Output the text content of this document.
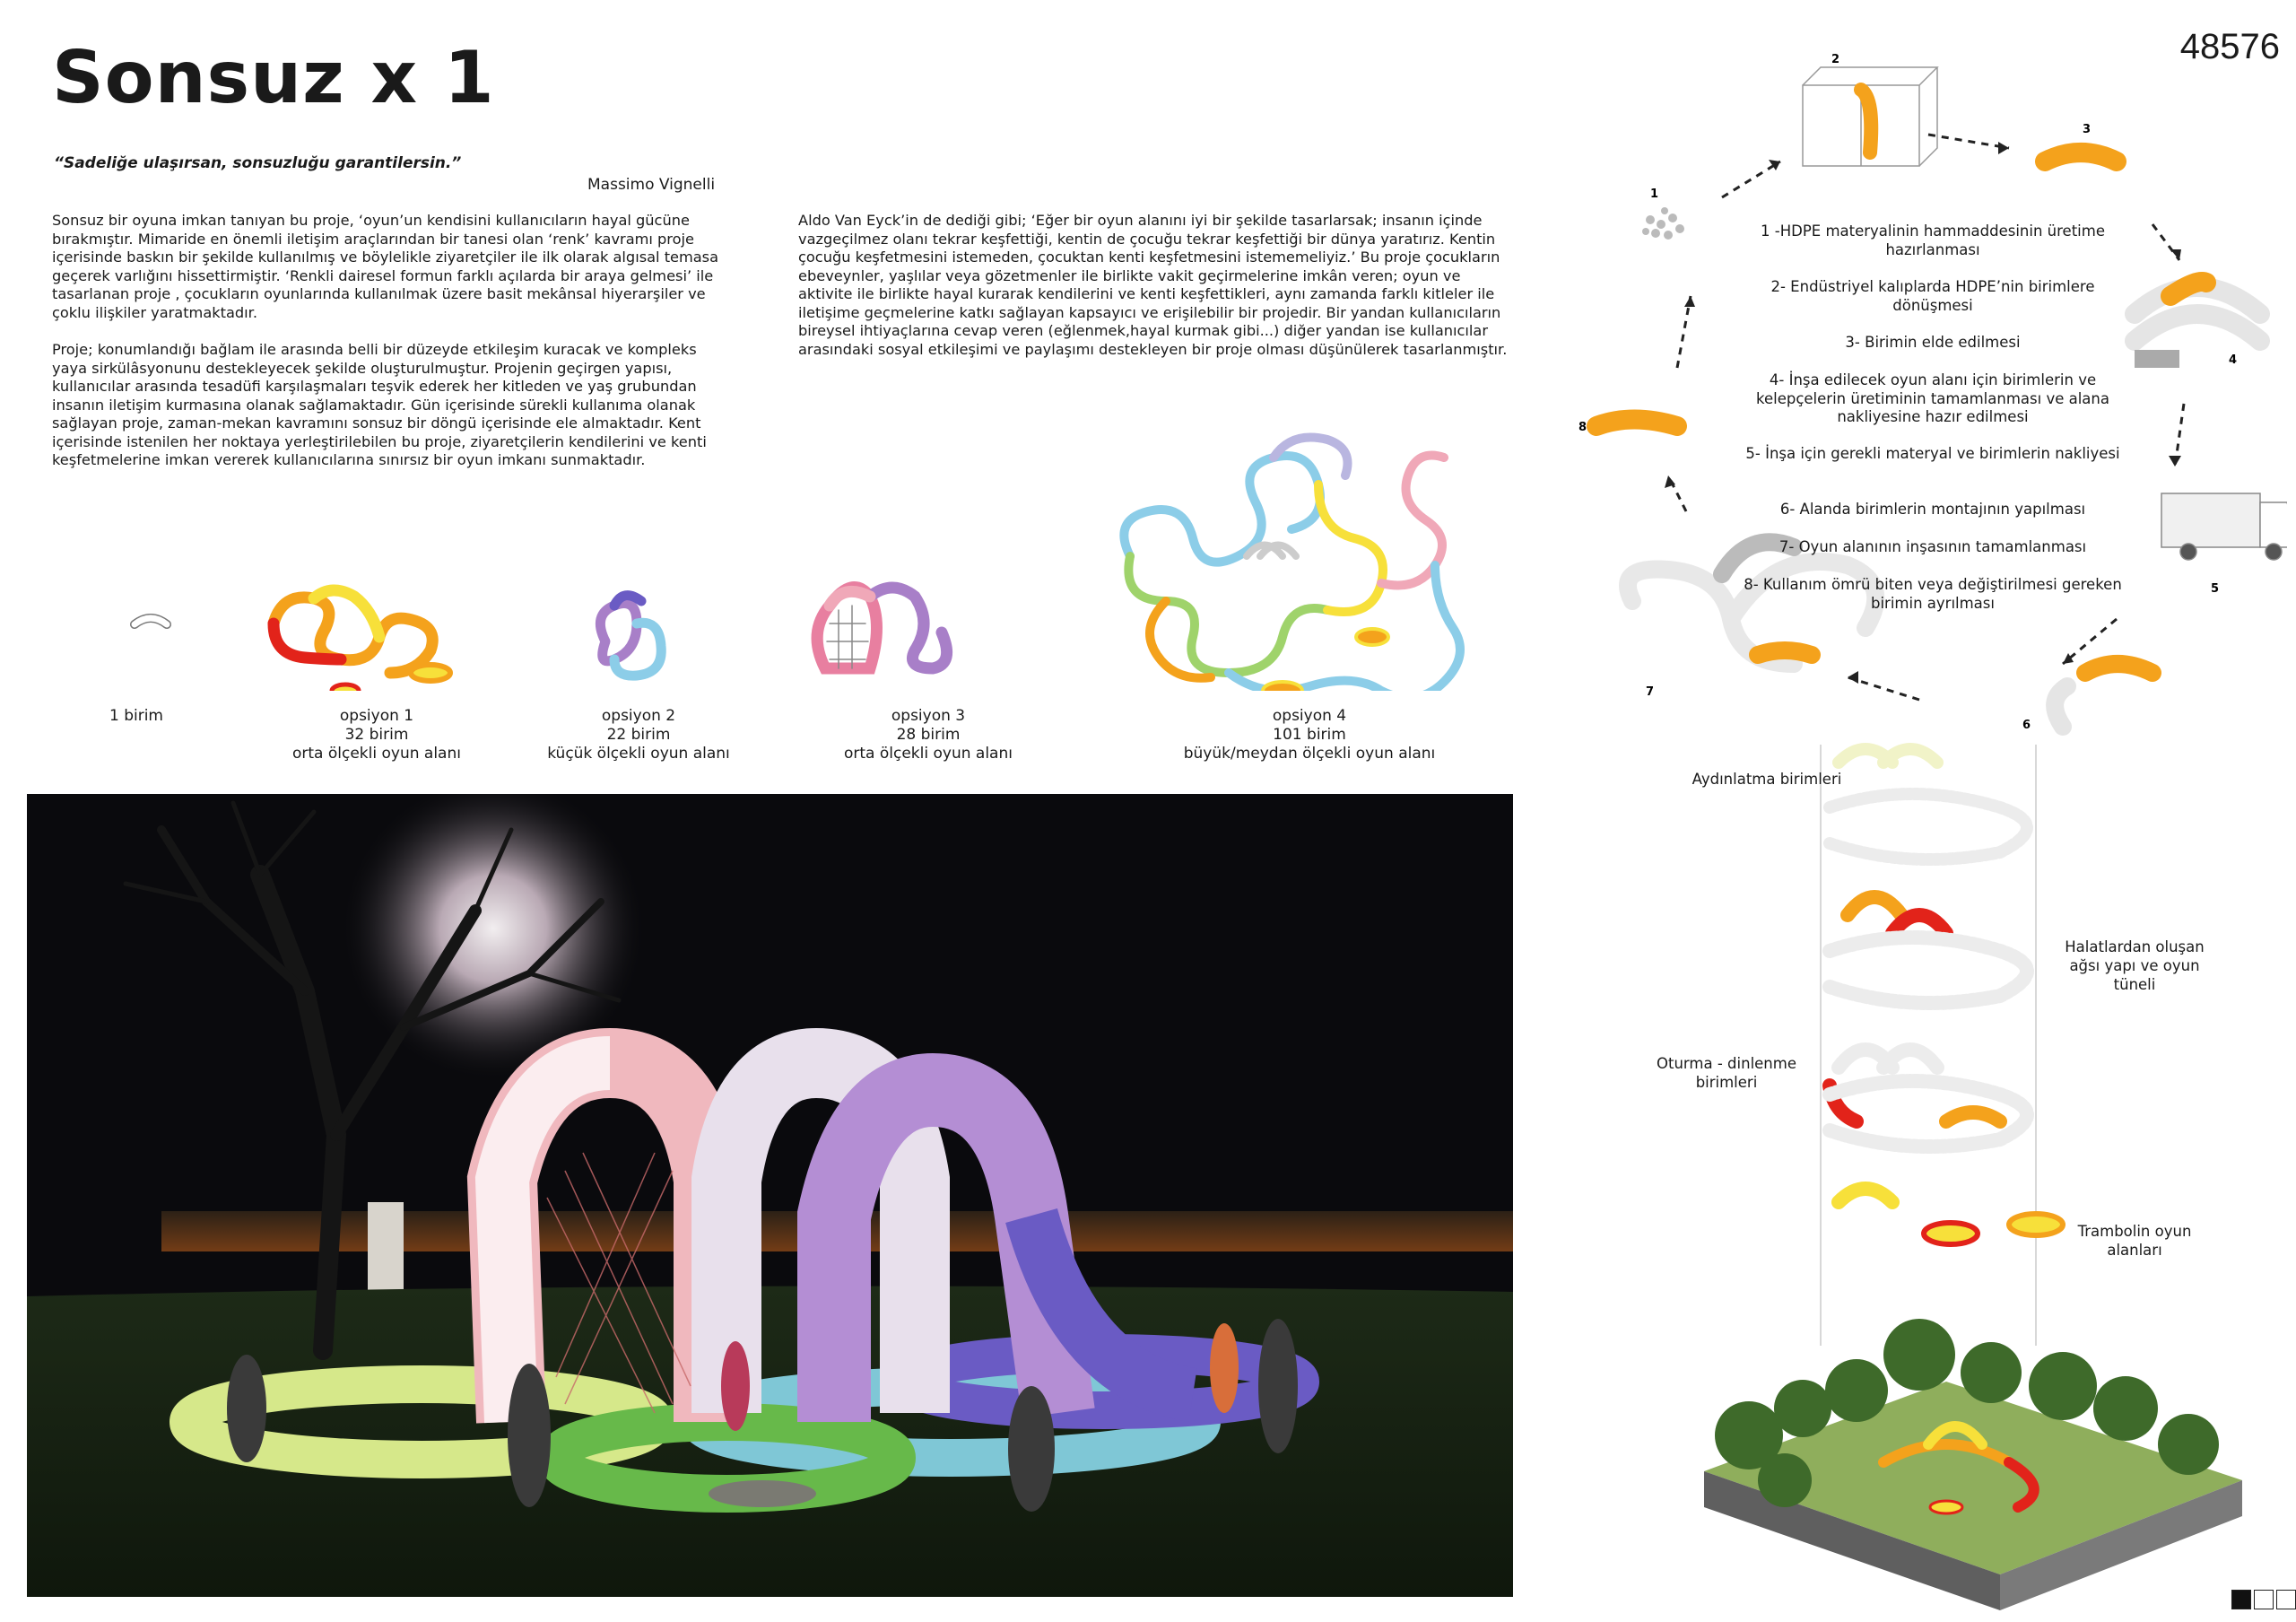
Sonsuz x 1	48576
“Sadeliğe ulaşırsan, sonsuzluğu garantilersin.”
Massimo Vignelli
Sonsuz bir oyuna imkan tanıyan bu proje, ‘oyun’un kendisini kullanıcıların hayal gücüne bırakmıştır. Mimaride en önemli iletişim araçlarından bir tanesi olan ‘renk’ kavramı proje içerisinde baskın bir şekilde kullanılmış ve böylelikle ziyaretçiler ile ilk olarak algısal temasa geçerek varlığını hissettirmiştir. ‘Renkli dairesel formun farklı açılarda bir araya gelmesi’ ile tasarlanan proje , çocukların oyunlarında kullanılmak üzere basit mekânsal hiyerarşiler ve çoklu ilişkiler yaratmaktadır.
Proje; konumlandığı bağlam ile arasında belli bir düzeyde etkileşim kuracak ve kompleks yaya sirkülâsyonunu destekleyecek şekilde oluşturulmuştur. Projenin geçirgen yapısı, kullanıcılar arasında tesadüfi karşılaşmaları teşvik ederek her kitleden ve yaş grubundan insanın iletişim kurmasına olanak sağlamaktadır. Gün içerisinde sürekli kullanıma olanak sağlayan proje, zaman-mekan kavramını sonsuz bir döngü içerisinde ele almaktadır. Kent içerisinde istenilen her noktaya yerleştirilebilen bu proje, ziyaretçilerin kendilerini ve kenti keşfetmelerine imkan vererek kullanıcılarına sınırsız bir oyun imkanı sunmaktadır.
Aldo Van Eyck’in de dediği gibi; ‘Eğer bir oyun alanını iyi bir şekilde tasarlarsak; insanın içinde vazgeçilmez olanı tekrar keşfettiği, kentin de çocuğu tekrar keşfettiği bir dünya yaratırız. Kentin çocuğu keşfetmesini istemeden, çocuktan kenti keşfetmesini istememeliyiz.’ Bu proje çocukların ebeveynler, yaşlılar veya gözetmenler ile birlikte vakit geçirmelerine imkân veren; oyun ve aktivite ile birlikte hayal kurarak kendilerini ve kenti keşfettikleri, aynı zamanda farklı kitleler ile iletişime geçmelerine katkı sağlayan kapsayıcı ve erişilebilir bir projedir. Bir yandan kullanıcıların bireysel ihtiyaçlarına cevap veren (eğlenmek,hayal kurmak gibi...) diğer yandan ise kullanıcılar arasındaki sosyal etkileşimi ve paylaşımı destekleyen bir proje olması düşünülerek tasarlanmıştır.
1 birim	opsiyon 1
32 birim
orta ölçekli oyun alanı
opsiyon 2
22 birim
küçük ölçekli oyun alanı
opsiyon 3
28 birim
orta ölçekli oyun alanı
opsiyon 4
101 birim
büyük/meydan ölçekli oyun alanı
1
2
3
4
5
6
7
8
1 -HDPE materyalinin hammaddesinin üretime hazırlanması
2- Endüstriyel kalıplarda HDPE’nin birimlere dönüşmesi
3- Birimin elde edilmesi
4- İnşa edilecek oyun alanı için birimlerin ve kelepçelerin üretiminin tamamlanması ve alana nakliyesine hazır edilmesi
5- İnşa için gerekli materyal ve birimlerin nakliyesi
6- Alanda birimlerin montajının yapılması
7- Oyun alanının inşasının tamamlanması
8- Kullanım ömrü biten veya değiştirilmesi gereken birimin ayrılması
Aydınlatma birimleri
Halatlardan oluşan ağsı yapı ve oyun tüneli
Oturma - dinlenme birimleri
Trambolin oyun alanları
